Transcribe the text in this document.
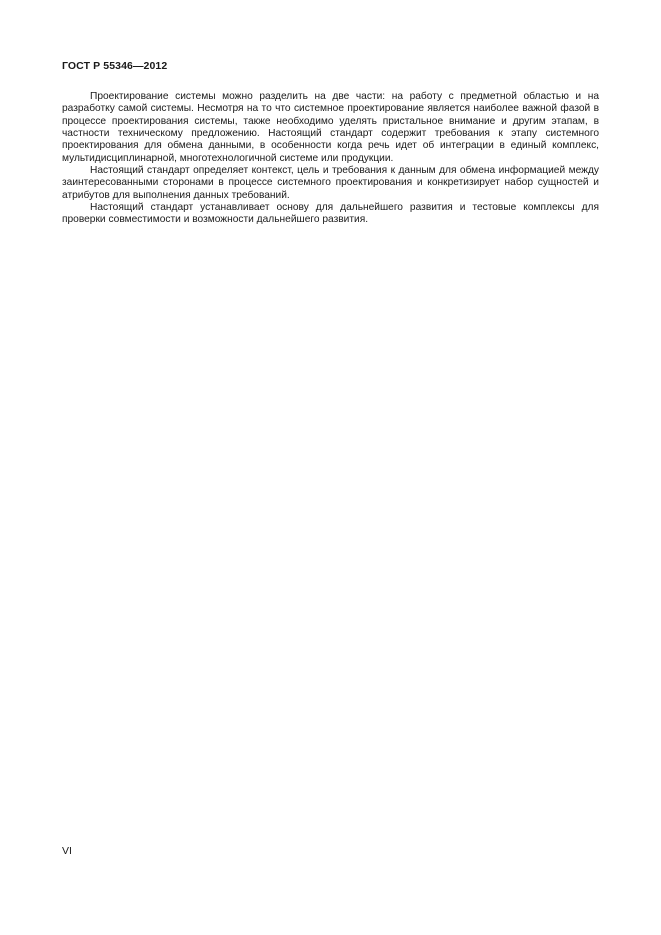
ГОСТ Р 55346—2012

Проектирование системы можно разделить на две части: на работу с предметной областью и на разработку самой системы. Несмотря на то что системное проектирование является наиболее важной фазой в процессе проектирования системы, также необходимо уделять пристальное внимание и другим этапам, в частности техническому предложению. Настоящий стандарт содержит требования к этапу системного проектирования для обмена данными, в особенности когда речь идет об интеграции в единый комплекс, мультидисциплинарной, многотехнологичной системе или продукции.

Настоящий стандарт определяет контекст, цель и требования к данным для обмена информацией между заинтересованными сторонами в процессе системного проектирования и конкретизирует набор сущностей и атрибутов для выполнения данных требований.

Настоящий стандарт устанавливает основу для дальнейшего развития и тестовые комплексы для проверки совместимости и возможности дальнейшего развития.

VI
